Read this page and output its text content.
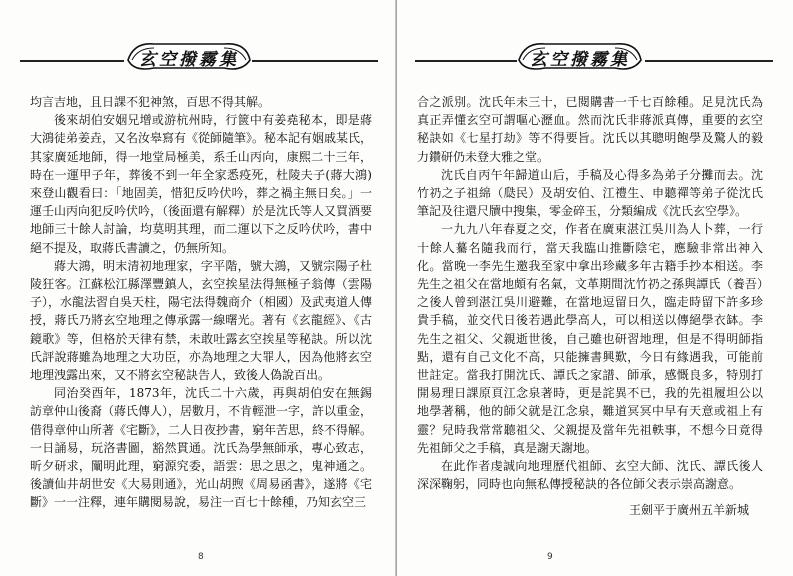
玄空撥霧集

均言吉地，且日課不犯神煞，百思不得其解。

後來胡伯安姻兄增或游杭州時，行篋中有姜堯秘本，即是蔣大鴻徒弟姜垚，又名汝皋寫有《從師隨筆》。秘本記有姻戚某氏，其家廣延地師，得一地堂局極美，系壬山丙向，康熙二十三年，時在一運甲子年，葬後不到一年全家悉疫死，杜陵夫子(蔣大鴻)來登山觀看曰：「地固美，惜犯反吟伏吟，葬之禍主無日矣。」一運壬山丙向犯反吟伏吟，（後面還有解釋）於是沈氏等人又買酒要地師三十餘人討論，均莫明其理，而二運以下之反吟伏吟，書中絕不提及，取蔣氏書讀之，仍無所知。

蔣大鴻，明末清初地理家，字平階，號大鴻，又號宗陽子杜陵狂客。江蘇松江縣澤豐鎮人，玄空挨星法得無極子翁傳（雲陽子），水龍法習自吳天柱，陽宅法得魏商介（相國）及武夷道人傳授，蔣氏乃將玄空地理之傳承露一線曙光。著有《玄龍經》、《古鏡歌》等，但格於天律有禁，未敢吐露玄空挨星等秘訣。所以沈氏評說蔣雖為地理之大功臣，亦為地理之大罪人，因為他將玄空地理洩露出來，又不將玄空秘訣告人，致後人偽說百出。

同治癸酉年，1873年，沈氏二十六歲，再與胡伯安在無錫訪章仲山後裔（蔣氏傳人），居數月，不肯輕泄一字，許以重金，借得章仲山所著《宅斷》，二人日夜抄書，窮年苦思，終不得解。一日誦易，玩洛書圖，豁然貫通。沈氏為學無師承，專心致志，昕夕研求，闡明此理，窮源究委，語雲：思之思之，鬼神通之。後讀仙井胡世安《大易則通》，光山胡煦《周易函書》，遂將《宅斷》一一注釋，連年購閱易說，易注一百七十餘種，乃知玄空三

8
玄空撥霧集

合之派別。沈氏年未三十，已閱購書一千七百餘種。足見沈氏為真正弄懂玄空可謂嘔心瀝血。然而沈氏非蔣派真傳，重要的玄空秘訣如《七星打劫》等不得要旨。沈氏以其聰明飽學及驚人的毅力鑽研仍未登大雅之堂。

沈氏自丙午年歸道山后，手稿及心得多為弟子分攤而去。沈竹礽之子祖綿（瓞民）及胡安伯、江禮生、申聽禪等弟子從沈氏筆記及往還尺牘中搜集，零金碎玉，分類編成《沈氏玄空學》。

一九九八年春夏之交，作者在廣東湛江吳川為人卜葬，一行十餘人驀名隨我而行，當天我臨山推斷陰宅，應驗非常出神入化。當晚一李先生邀我至家中拿出珍藏多年古籍手抄本相送。李先生之祖父在當地頗有名氣，文革期間沈竹礽之孫與譚氏（養吾）之後人曾到湛江吳川避難，在當地逗留日久，臨走時留下許多珍貴手稿，並交代日後若遇此學高人，可以相送以傳絕學衣缽。李先生之祖父、父親逝世後，自己雖也研習地理，但是不得明師指點，還有自己文化不高，只能擁書興歎，今日有緣遇我，可能前世註定。當我打開沈氏、譚氏之家譜、師承，感慨良多，特別打開易理日課原頁江念泉著時，更是詫異不已，我的先祖履坦公以地學著稱，他的師父就是江念泉，難道冥冥中早有天意或祖上有靈？兒時我常常聽祖父、父親提及當年先祖軼事，不想今日竟得先祖師父之手稿，真是謝天謝地。

在此作者虔誠向地理歷代祖師、玄空大師、沈氏、譚氏後人深深鞠躬，同時也向無私傳授秘訣的各位師父表示崇高謝意。

王劍平于廣州五羊新城
9
